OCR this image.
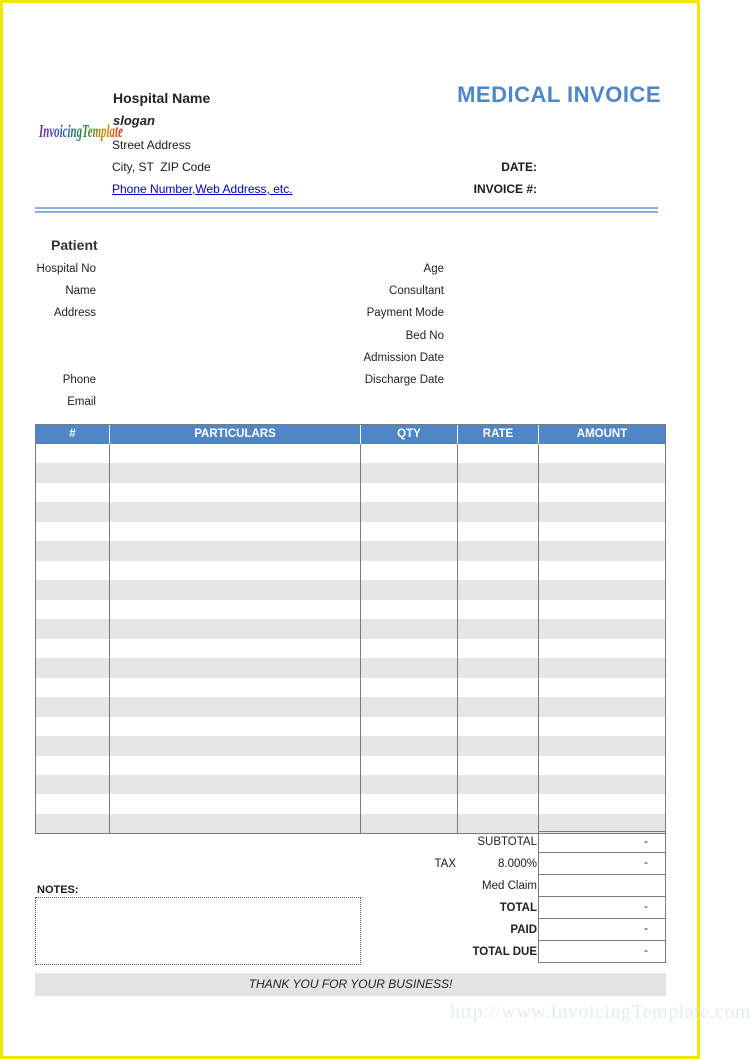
InvoicingTemplate
Hospital Name
slogan
Street Address
City, ST  ZIP Code
Phone Number,Web Address, etc.
MEDICAL INVOICE
DATE:
INVOICE #:
Patient
Hospital No
Name
Address
Phone
Email
Age
Consultant
Payment Mode
Bed No
Admission Date
Discharge Date
#	PARTICULARS	QTY	RATE	AMOUNT
SUBTOTAL	-
TAX	8.000%	-
Med Claim
TOTAL	-
PAID	-
TOTAL DUE	-
NOTES:
THANK YOU FOR YOUR BUSINESS!
http://www.InvoicingTemplate.com
